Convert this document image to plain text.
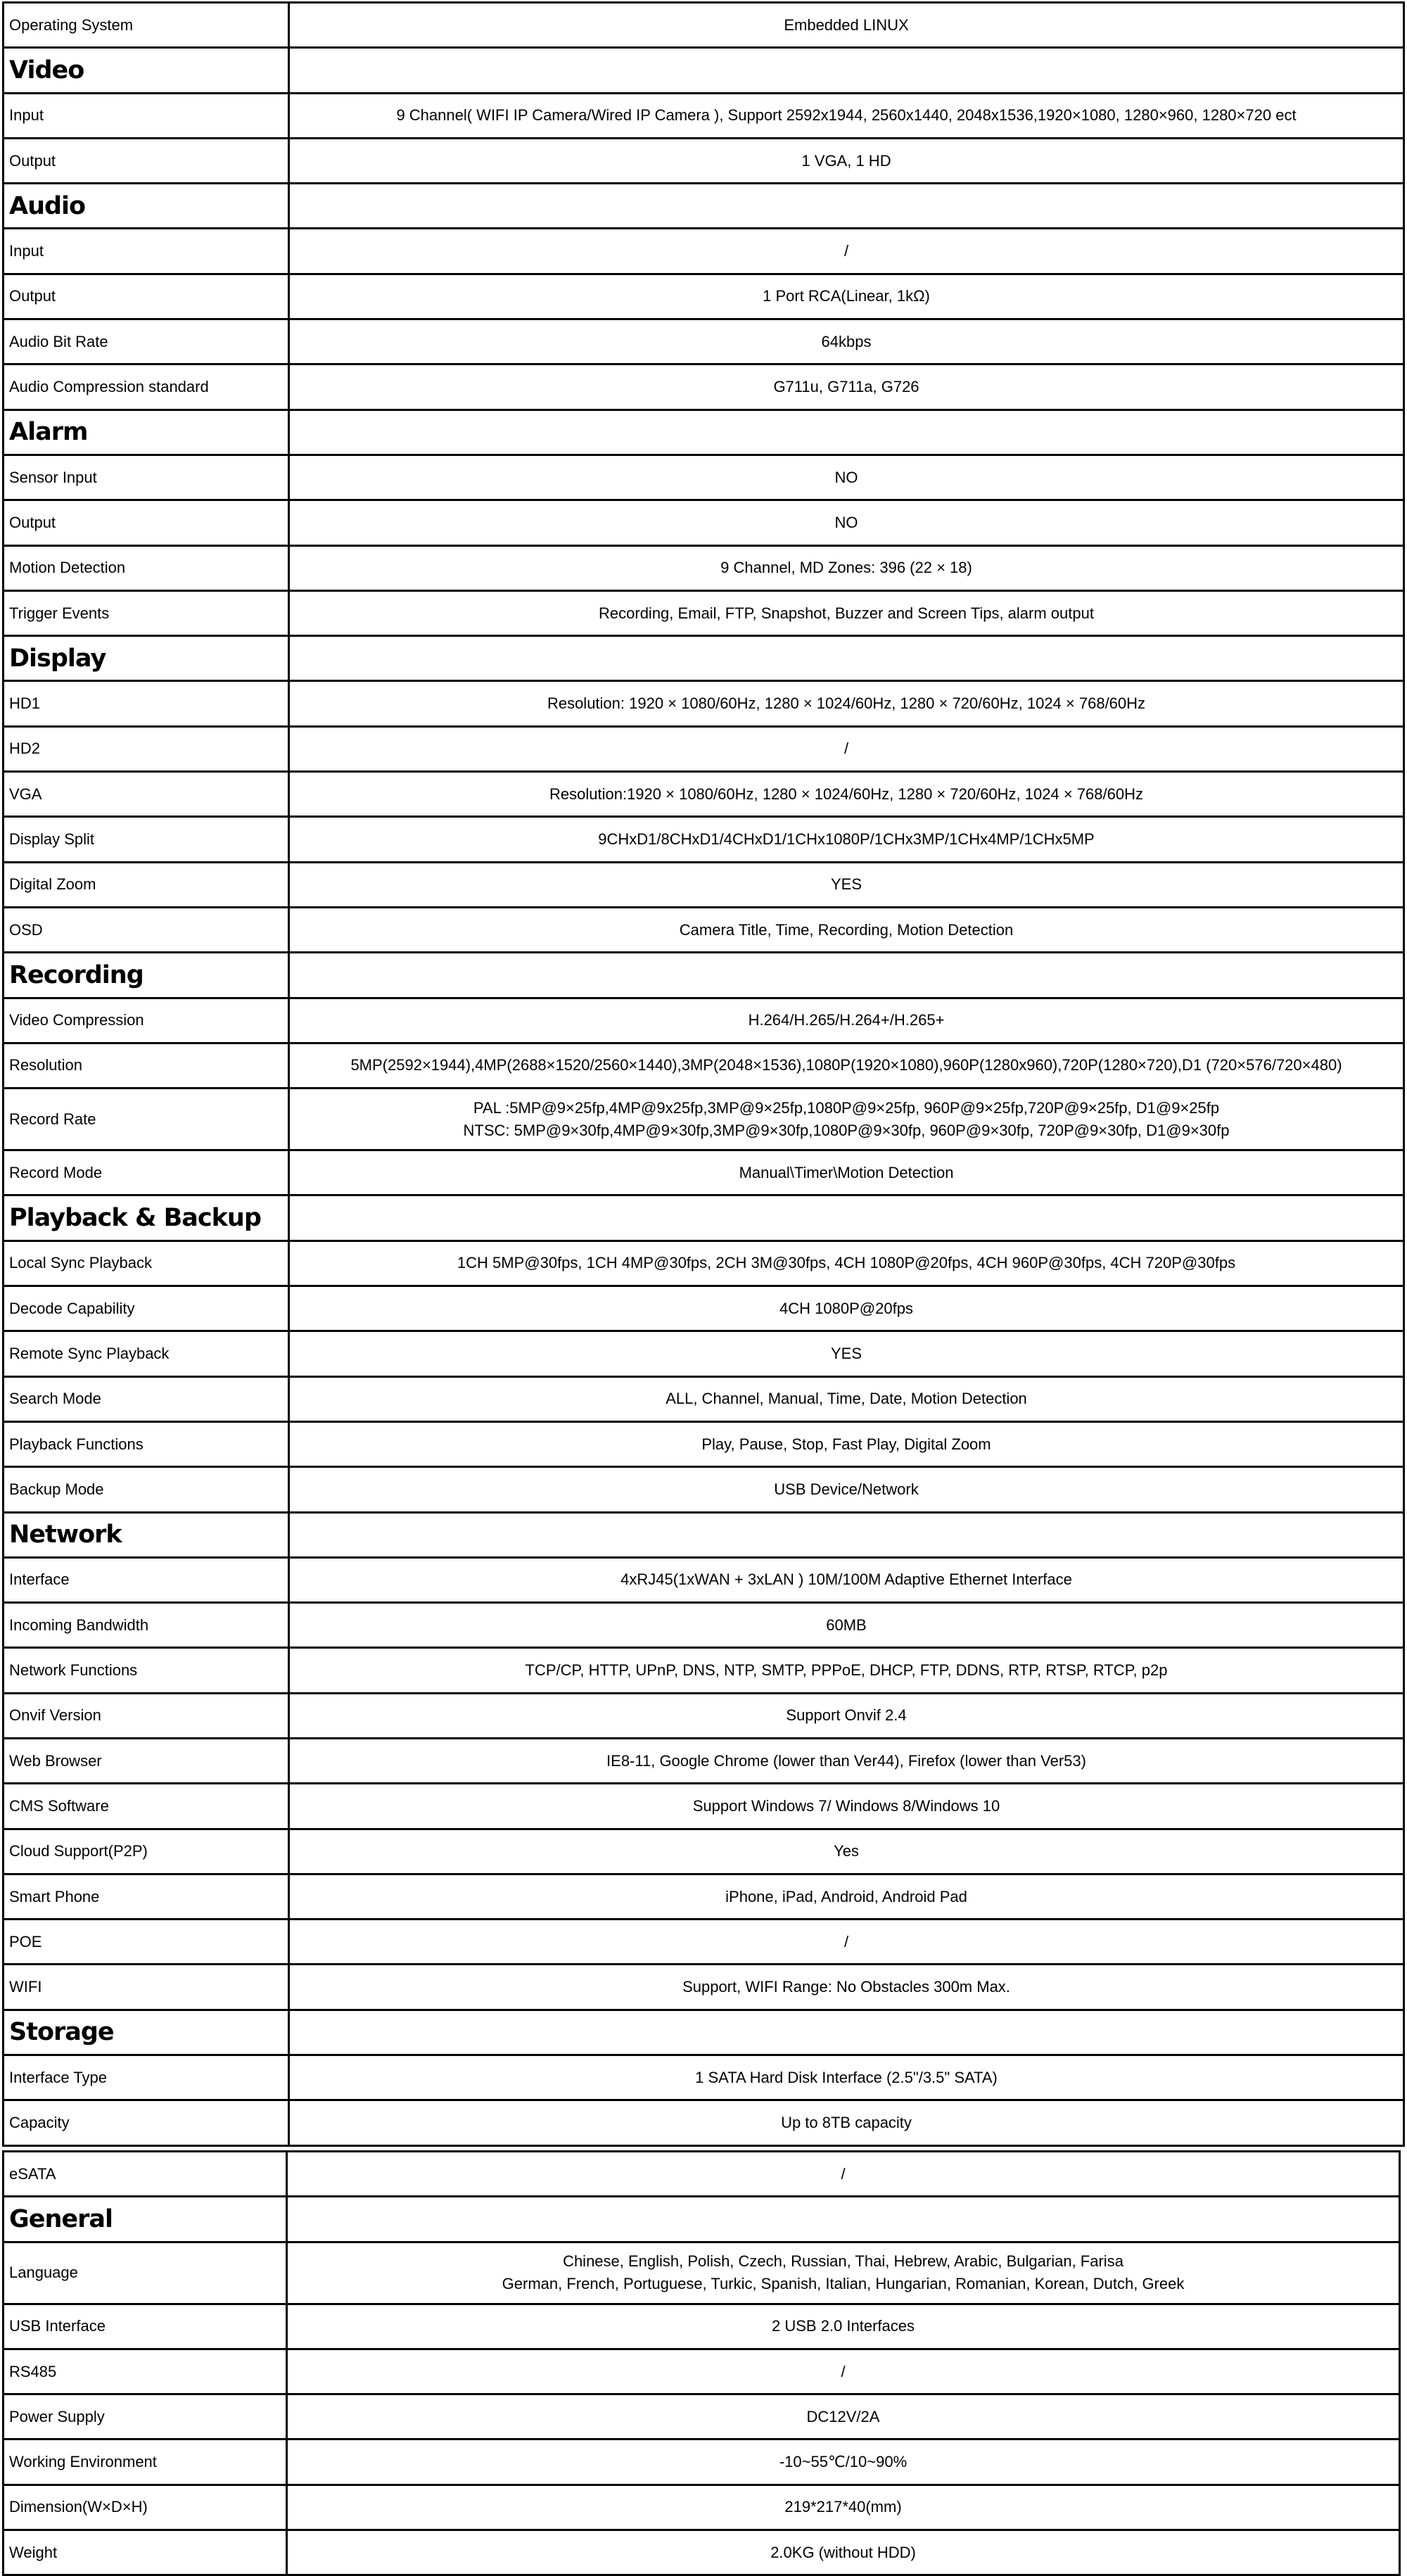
Operating System	Embedded LINUX
Video	
Input	9 Channel( WIFI IP Camera/Wired IP Camera ), Support 2592x1944, 2560x1440, 2048x1536,1920×1080, 1280×960, 1280×720 ect
Output	1 VGA, 1 HD
Audio	
Input	/
Output	1 Port RCA(Linear, 1kΩ)
Audio Bit Rate	64kbps
Audio Compression standard	G711u, G711a, G726
Alarm	
Sensor Input	NO
Output	NO
Motion Detection	9 Channel, MD Zones: 396 (22 × 18)
Trigger Events	Recording, Email, FTP, Snapshot, Buzzer and Screen Tips, alarm output
Display	
HD1	Resolution: 1920 × 1080/60Hz, 1280 × 1024/60Hz, 1280 × 720/60Hz, 1024 × 768/60Hz
HD2	/
VGA	Resolution:1920 × 1080/60Hz, 1280 × 1024/60Hz, 1280 × 720/60Hz, 1024 × 768/60Hz
Display Split	9CHxD1/8CHxD1/4CHxD1/1CHx1080P/1CHx3MP/1CHx4MP/1CHx5MP
Digital Zoom	YES
OSD	Camera Title, Time, Recording, Motion Detection
Recording	
Video Compression	H.264/H.265/H.264+/H.265+
Resolution	5MP(2592×1944),4MP(2688×1520/2560×1440),3MP(2048×1536),1080P(1920×1080),960P(1280x960),720P(1280×720),D1 (720×576/720×480)
Record Rate	PAL :5MP@9×25fp,4MP@9x25fp,3MP@9×25fp,1080P@9×25fp, 960P@9×25fp,720P@9×25fp, D1@9×25fp
NTSC: 5MP@9×30fp,4MP@9×30fp,3MP@9×30fp,1080P@9×30fp, 960P@9×30fp, 720P@9×30fp, D1@9×30fp

Record Mode	Manual\Timer\Motion Detection
Playback & Backup	
Local Sync Playback	1CH 5MP@30fps, 1CH 4MP@30fps, 2CH 3M@30fps, 4CH 1080P@20fps, 4CH 960P@30fps, 4CH 720P@30fps
Decode Capability	4CH 1080P@20fps
Remote Sync Playback	YES
Search Mode	ALL, Channel, Manual, Time, Date, Motion Detection
Playback Functions	Play, Pause, Stop, Fast Play, Digital Zoom
Backup Mode	USB Device/Network
Network	
Interface	4xRJ45(1xWAN + 3xLAN ) 10M/100M Adaptive Ethernet Interface
Incoming Bandwidth	60MB
Network Functions	TCP/CP, HTTP, UPnP, DNS, NTP, SMTP, PPPoE, DHCP, FTP, DDNS, RTP, RTSP, RTCP, p2p
Onvif Version	Support Onvif 2.4
Web Browser	IE8-11, Google Chrome (lower than Ver44), Firefox (lower than Ver53)
CMS Software	Support Windows 7/ Windows 8/Windows 10
Cloud Support(P2P)	Yes
Smart Phone	iPhone, iPad, Android, Android Pad
POE	/
WIFI	Support, WIFI Range: No Obstacles 300m Max.
Storage	
Interface Type	1 SATA Hard Disk Interface (2.5"/3.5" SATA)
Capacity	Up to 8TB capacity
eSATA	/
General	
Language	Chinese, English, Polish, Czech, Russian, Thai, Hebrew, Arabic, Bulgarian, Farisa
German, French, Portuguese, Turkic, Spanish, Italian, Hungarian, Romanian, Korean, Dutch, Greek

USB Interface	2 USB 2.0 Interfaces
RS485	/
Power Supply	DC12V/2A
Working Environment	-10~55℃/10~90%
Dimension(W×D×H)	219*217*40(mm)
Weight	2.0KG (without HDD)
